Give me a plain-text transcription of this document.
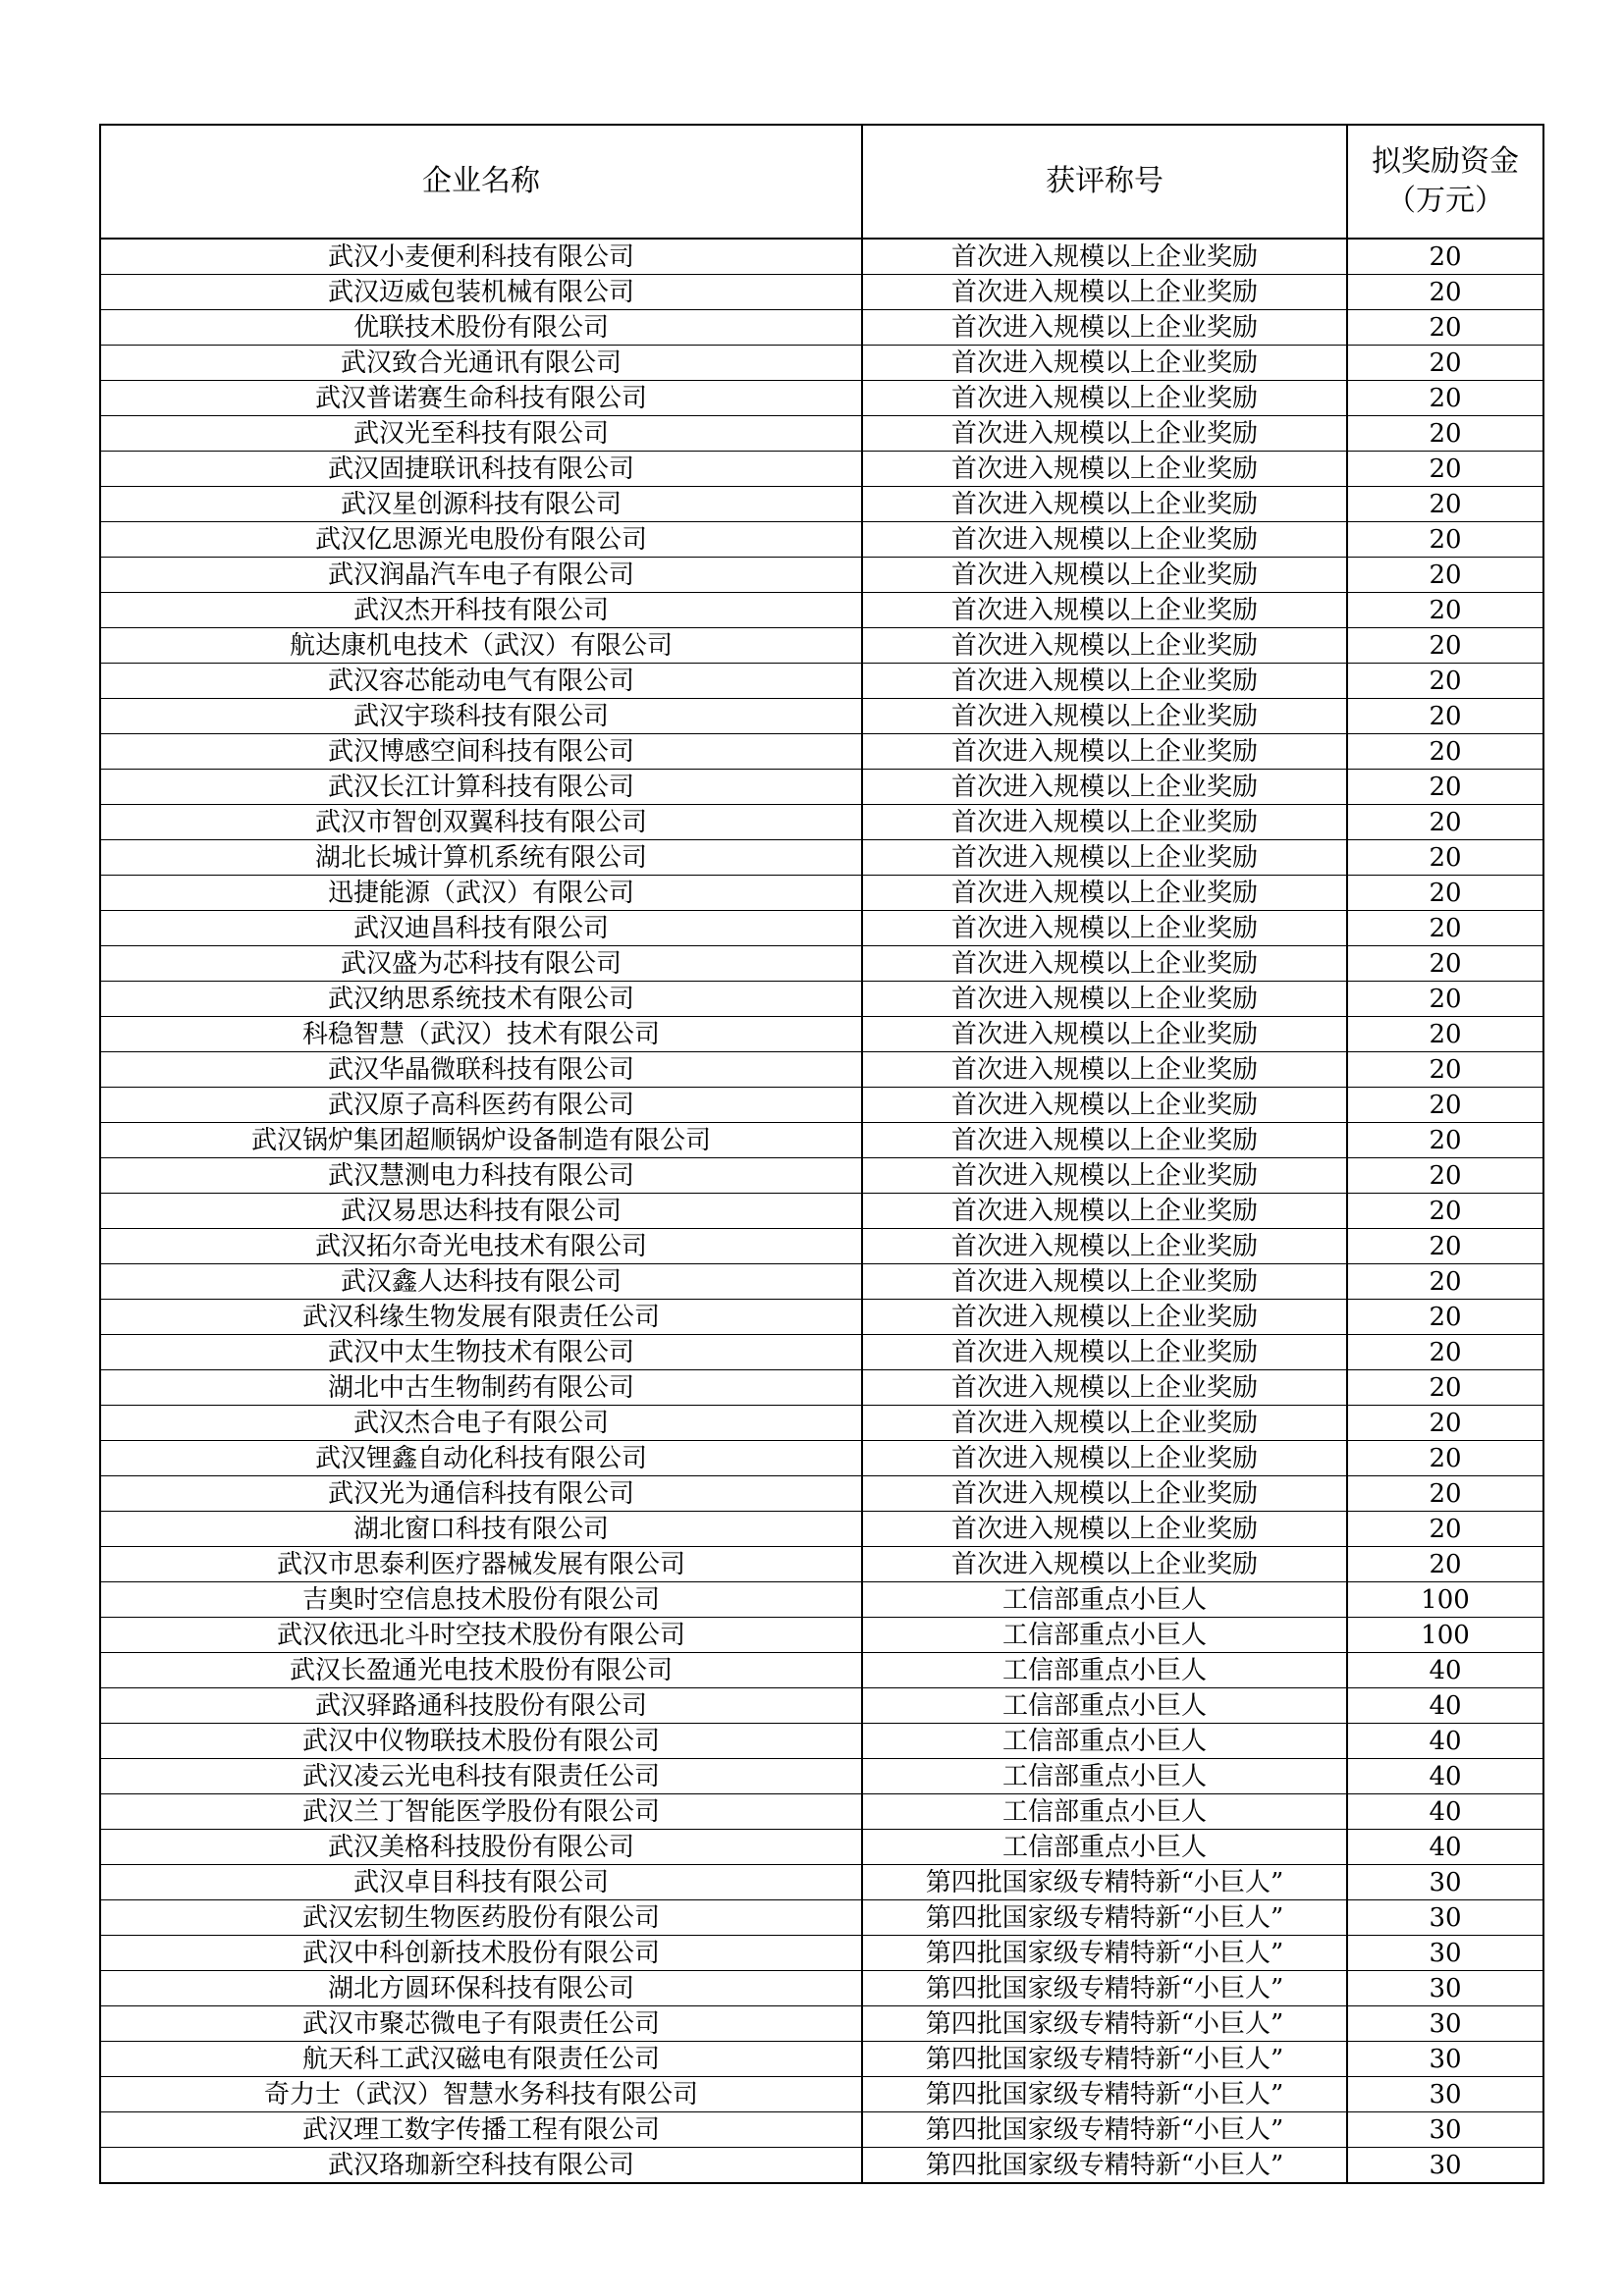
企业名称	获评称号	拟奖励资金
（万元）

武汉小麦便利科技有限公司	首次进入规模以上企业奖励	20
武汉迈威包装机械有限公司	首次进入规模以上企业奖励	20
优联技术股份有限公司	首次进入规模以上企业奖励	20
武汉致合光通讯有限公司	首次进入规模以上企业奖励	20
武汉普诺赛生命科技有限公司	首次进入规模以上企业奖励	20
武汉光至科技有限公司	首次进入规模以上企业奖励	20
武汉固捷联讯科技有限公司	首次进入规模以上企业奖励	20
武汉星创源科技有限公司	首次进入规模以上企业奖励	20
武汉亿思源光电股份有限公司	首次进入规模以上企业奖励	20
武汉润晶汽车电子有限公司	首次进入规模以上企业奖励	20
武汉杰开科技有限公司	首次进入规模以上企业奖励	20
航达康机电技术（武汉）有限公司	首次进入规模以上企业奖励	20
武汉容芯能动电气有限公司	首次进入规模以上企业奖励	20
武汉宇琰科技有限公司	首次进入规模以上企业奖励	20
武汉博感空间科技有限公司	首次进入规模以上企业奖励	20
武汉长江计算科技有限公司	首次进入规模以上企业奖励	20
武汉市智创双翼科技有限公司	首次进入规模以上企业奖励	20
湖北长城计算机系统有限公司	首次进入规模以上企业奖励	20
迅捷能源（武汉）有限公司	首次进入规模以上企业奖励	20
武汉迪昌科技有限公司	首次进入规模以上企业奖励	20
武汉盛为芯科技有限公司	首次进入规模以上企业奖励	20
武汉纳思系统技术有限公司	首次进入规模以上企业奖励	20
科稳智慧（武汉）技术有限公司	首次进入规模以上企业奖励	20
武汉华晶微联科技有限公司	首次进入规模以上企业奖励	20
武汉原子高科医药有限公司	首次进入规模以上企业奖励	20
武汉锅炉集团超顺锅炉设备制造有限公司	首次进入规模以上企业奖励	20
武汉慧测电力科技有限公司	首次进入规模以上企业奖励	20
武汉易思达科技有限公司	首次进入规模以上企业奖励	20
武汉拓尔奇光电技术有限公司	首次进入规模以上企业奖励	20
武汉鑫人达科技有限公司	首次进入规模以上企业奖励	20
武汉科缘生物发展有限责任公司	首次进入规模以上企业奖励	20
武汉中太生物技术有限公司	首次进入规模以上企业奖励	20
湖北中古生物制药有限公司	首次进入规模以上企业奖励	20
武汉杰合电子有限公司	首次进入规模以上企业奖励	20
武汉锂鑫自动化科技有限公司	首次进入规模以上企业奖励	20
武汉光为通信科技有限公司	首次进入规模以上企业奖励	20
湖北窗口科技有限公司	首次进入规模以上企业奖励	20
武汉市思泰利医疗器械发展有限公司	首次进入规模以上企业奖励	20
吉奥时空信息技术股份有限公司	工信部重点小巨人	100
武汉依迅北斗时空技术股份有限公司	工信部重点小巨人	100
武汉长盈通光电技术股份有限公司	工信部重点小巨人	40
武汉驿路通科技股份有限公司	工信部重点小巨人	40
武汉中仪物联技术股份有限公司	工信部重点小巨人	40
武汉凌云光电科技有限责任公司	工信部重点小巨人	40
武汉兰丁智能医学股份有限公司	工信部重点小巨人	40
武汉美格科技股份有限公司	工信部重点小巨人	40
武汉卓目科技有限公司	第四批国家级专精特新“小巨人”	30
武汉宏韧生物医药股份有限公司	第四批国家级专精特新“小巨人”	30
武汉中科创新技术股份有限公司	第四批国家级专精特新“小巨人”	30
湖北方圆环保科技有限公司	第四批国家级专精特新“小巨人”	30
武汉市聚芯微电子有限责任公司	第四批国家级专精特新“小巨人”	30
航天科工武汉磁电有限责任公司	第四批国家级专精特新“小巨人”	30
奇力士（武汉）智慧水务科技有限公司	第四批国家级专精特新“小巨人”	30
武汉理工数字传播工程有限公司	第四批国家级专精特新“小巨人”	30
武汉珞珈新空科技有限公司	第四批国家级专精特新“小巨人”	30
